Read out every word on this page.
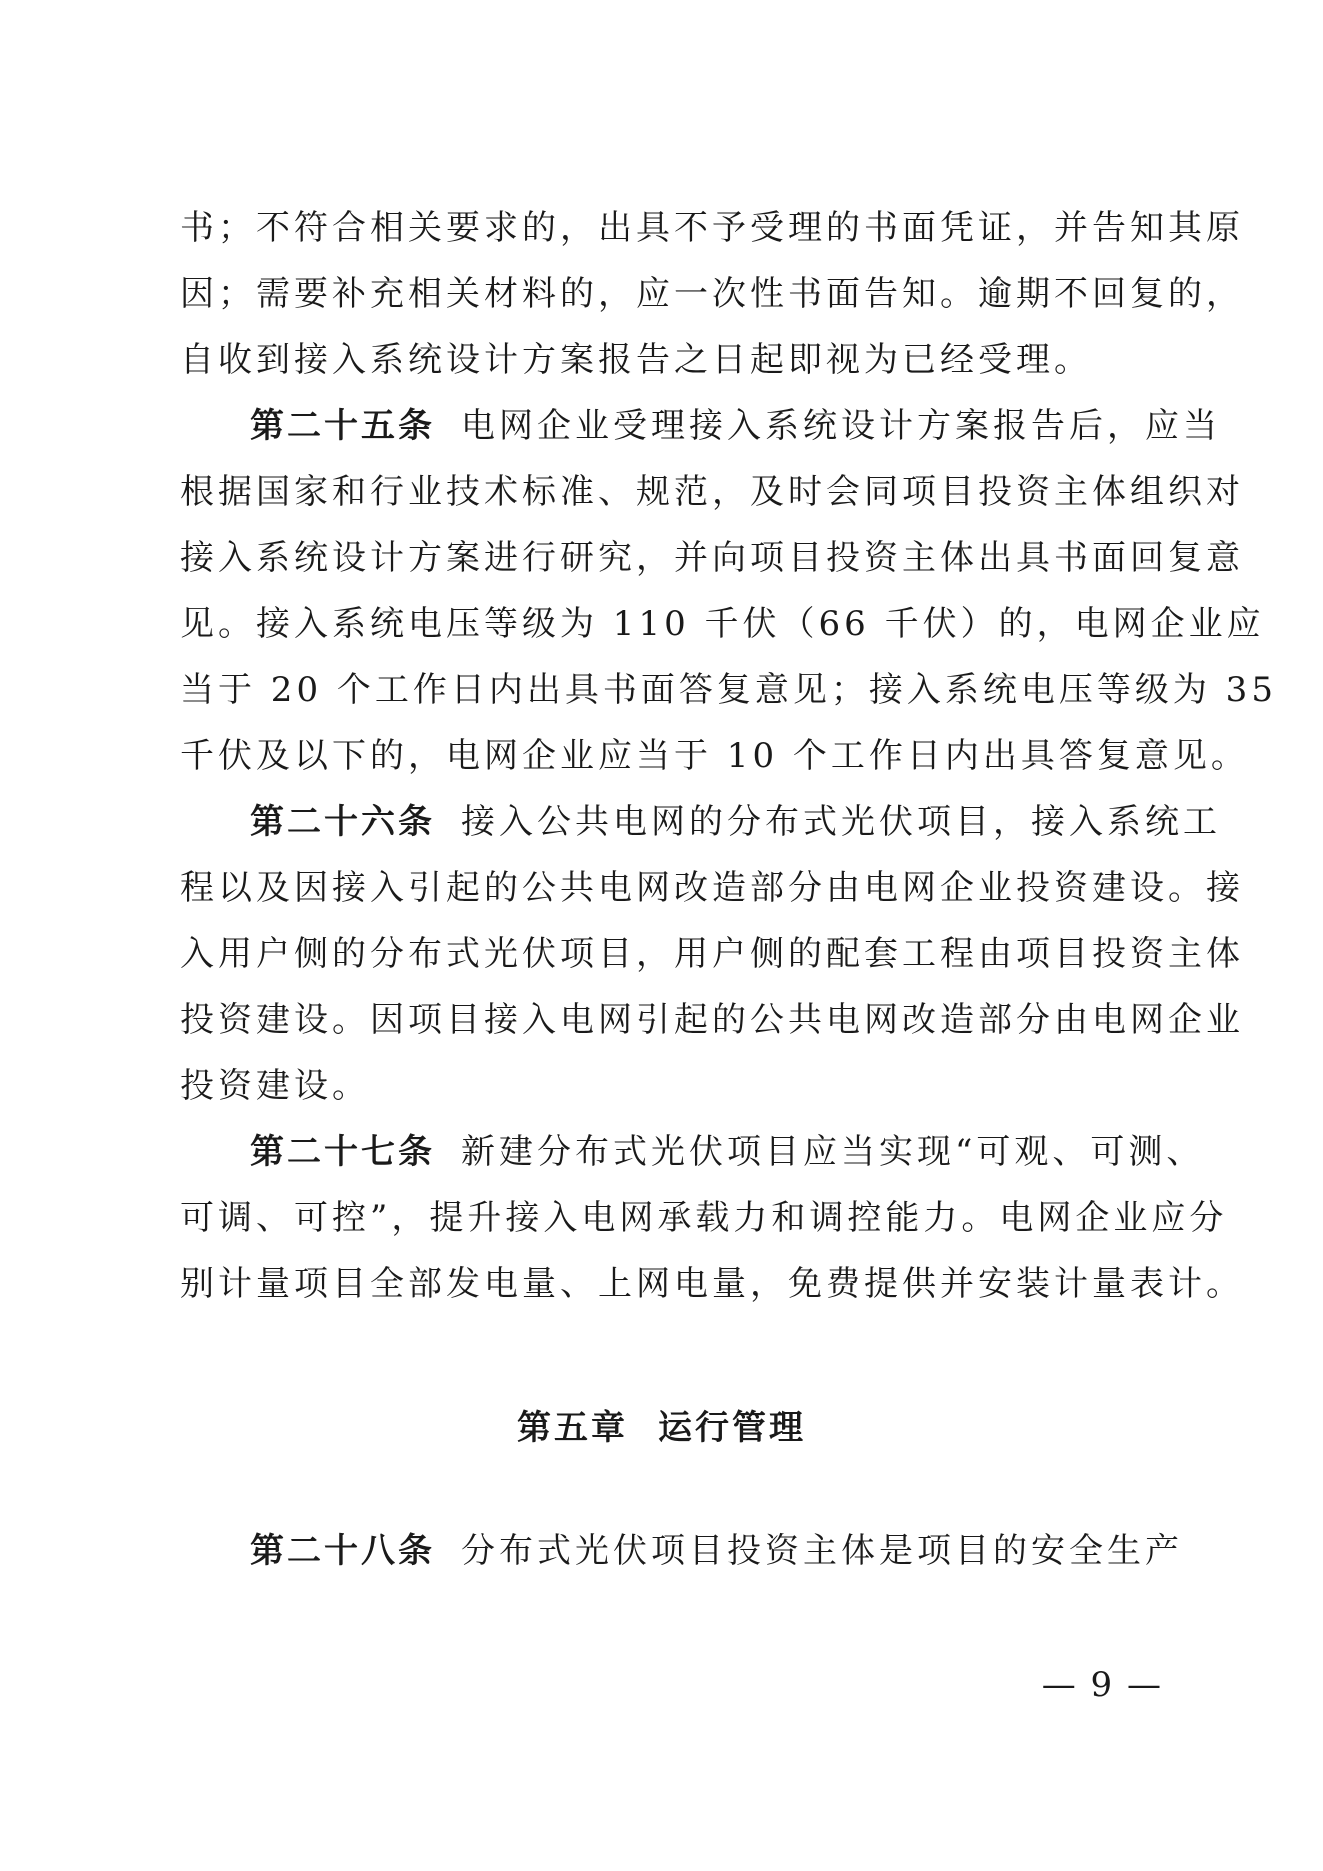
书；不符合相关要求的，出具不予受理的书面凭证，并告知其原
因；需要补充相关材料的，应一次性书面告知。逾期不回复的，
自收到接入系统设计方案报告之日起即视为已经受理。
第二十五条 电网企业受理接入系统设计方案报告后，应当
根据国家和行业技术标准、规范，及时会同项目投资主体组织对
接入系统设计方案进行研究，并向项目投资主体出具书面回复意
见。接入系统电压等级为 110 千伏（66 千伏）的，电网企业应
当于 20 个工作日内出具书面答复意见；接入系统电压等级为 35
千伏及以下的，电网企业应当于 10 个工作日内出具答复意见。
第二十六条 接入公共电网的分布式光伏项目，接入系统工
程以及因接入引起的公共电网改造部分由电网企业投资建设。接
入用户侧的分布式光伏项目，用户侧的配套工程由项目投资主体
投资建设。因项目接入电网引起的公共电网改造部分由电网企业
投资建设。
第二十七条 新建分布式光伏项目应当实现“可观、可测、
可调、可控”，提升接入电网承载力和调控能力。电网企业应分
别计量项目全部发电量、上网电量，免费提供并安装计量表计。
第五章 运行管理
第二十八条 分布式光伏项目投资主体是项目的安全生产
— 9 —
